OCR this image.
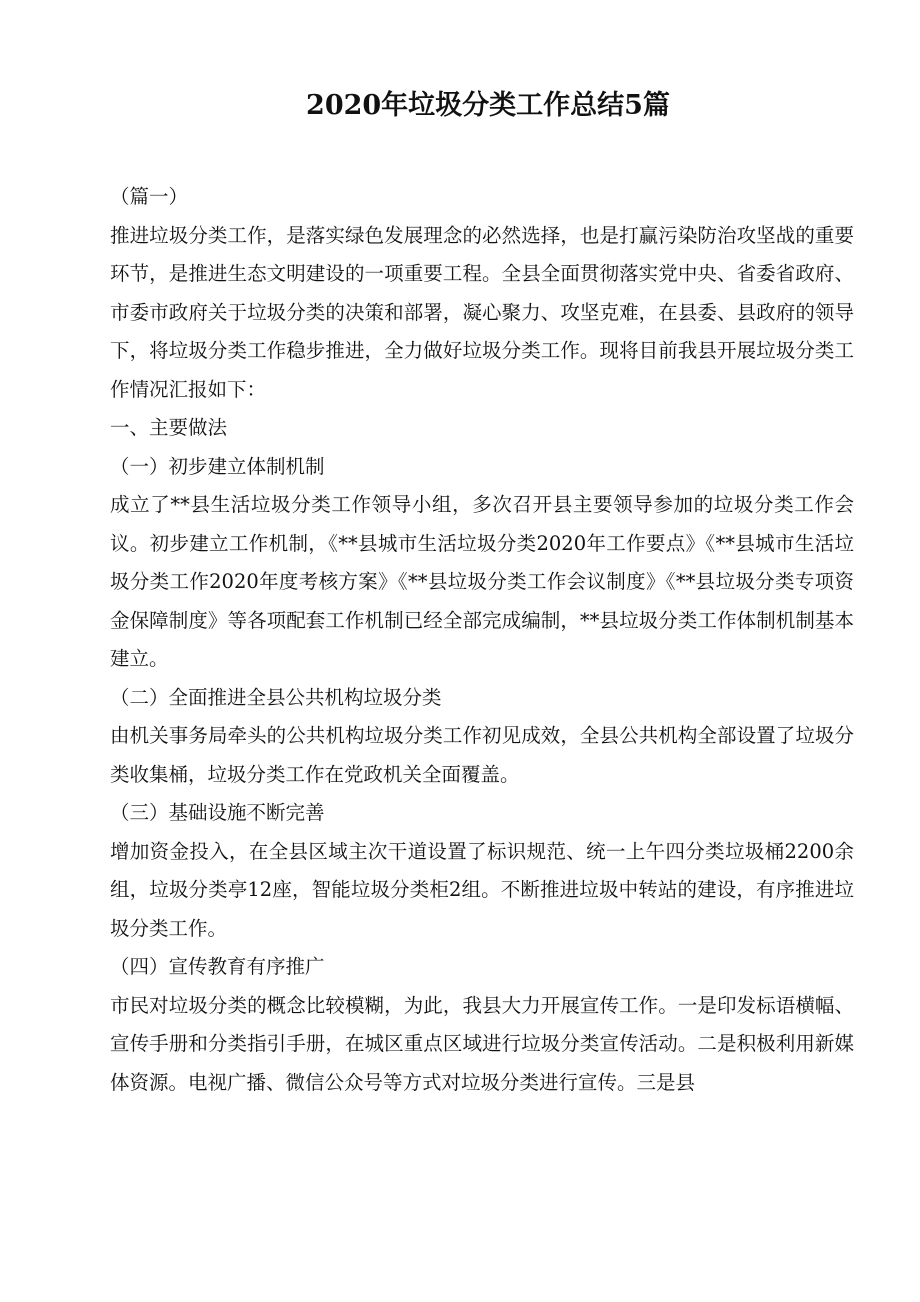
2020年垃圾分类工作总结5篇

（篇一）

推进垃圾分类工作，是落实绿色发展理念的必然选择，也是打赢污染防治攻坚战的重要环节，是推进生态文明建设的一项重要工程。全县全面贯彻落实党中央、省委省政府、市委市政府关于垃圾分类的决策和部署，凝心聚力、攻坚克难，在县委、县政府的领导下，将垃圾分类工作稳步推进，全力做好垃圾分类工作。现将目前我县开展垃圾分类工作情况汇报如下：

一、主要做法

（一）初步建立体制机制

成立了**县生活垃圾分类工作领导小组，多次召开县主要领导参加的垃圾分类工作会议。初步建立工作机制，《**县城市生活垃圾分类2020年工作要点》《**县城市生活垃圾分类工作2020年度考核方案》《**县垃圾分类工作会议制度》《**县垃圾分类专项资金保障制度》等各项配套工作机制已经全部完成编制，**县垃圾分类工作体制机制基本建立。

（二）全面推进全县公共机构垃圾分类

由机关事务局牵头的公共机构垃圾分类工作初见成效，全县公共机构全部设置了垃圾分类收集桶，垃圾分类工作在党政机关全面覆盖。

（三）基础设施不断完善

增加资金投入，在全县区域主次干道设置了标识规范、统一上午四分类垃圾桶2200余组，垃圾分类亭12座，智能垃圾分类柜2组。不断推进垃圾中转站的建设，有序推进垃圾分类工作。

（四）宣传教育有序推广

市民对垃圾分类的概念比较模糊，为此，我县大力开展宣传工作。一是印发标语横幅、宣传手册和分类指引手册，在城区重点区域进行垃圾分类宣传活动。二是积极利用新媒体资源。电视广播、微信公众号等方式对垃圾分类进行宣传。三是县
